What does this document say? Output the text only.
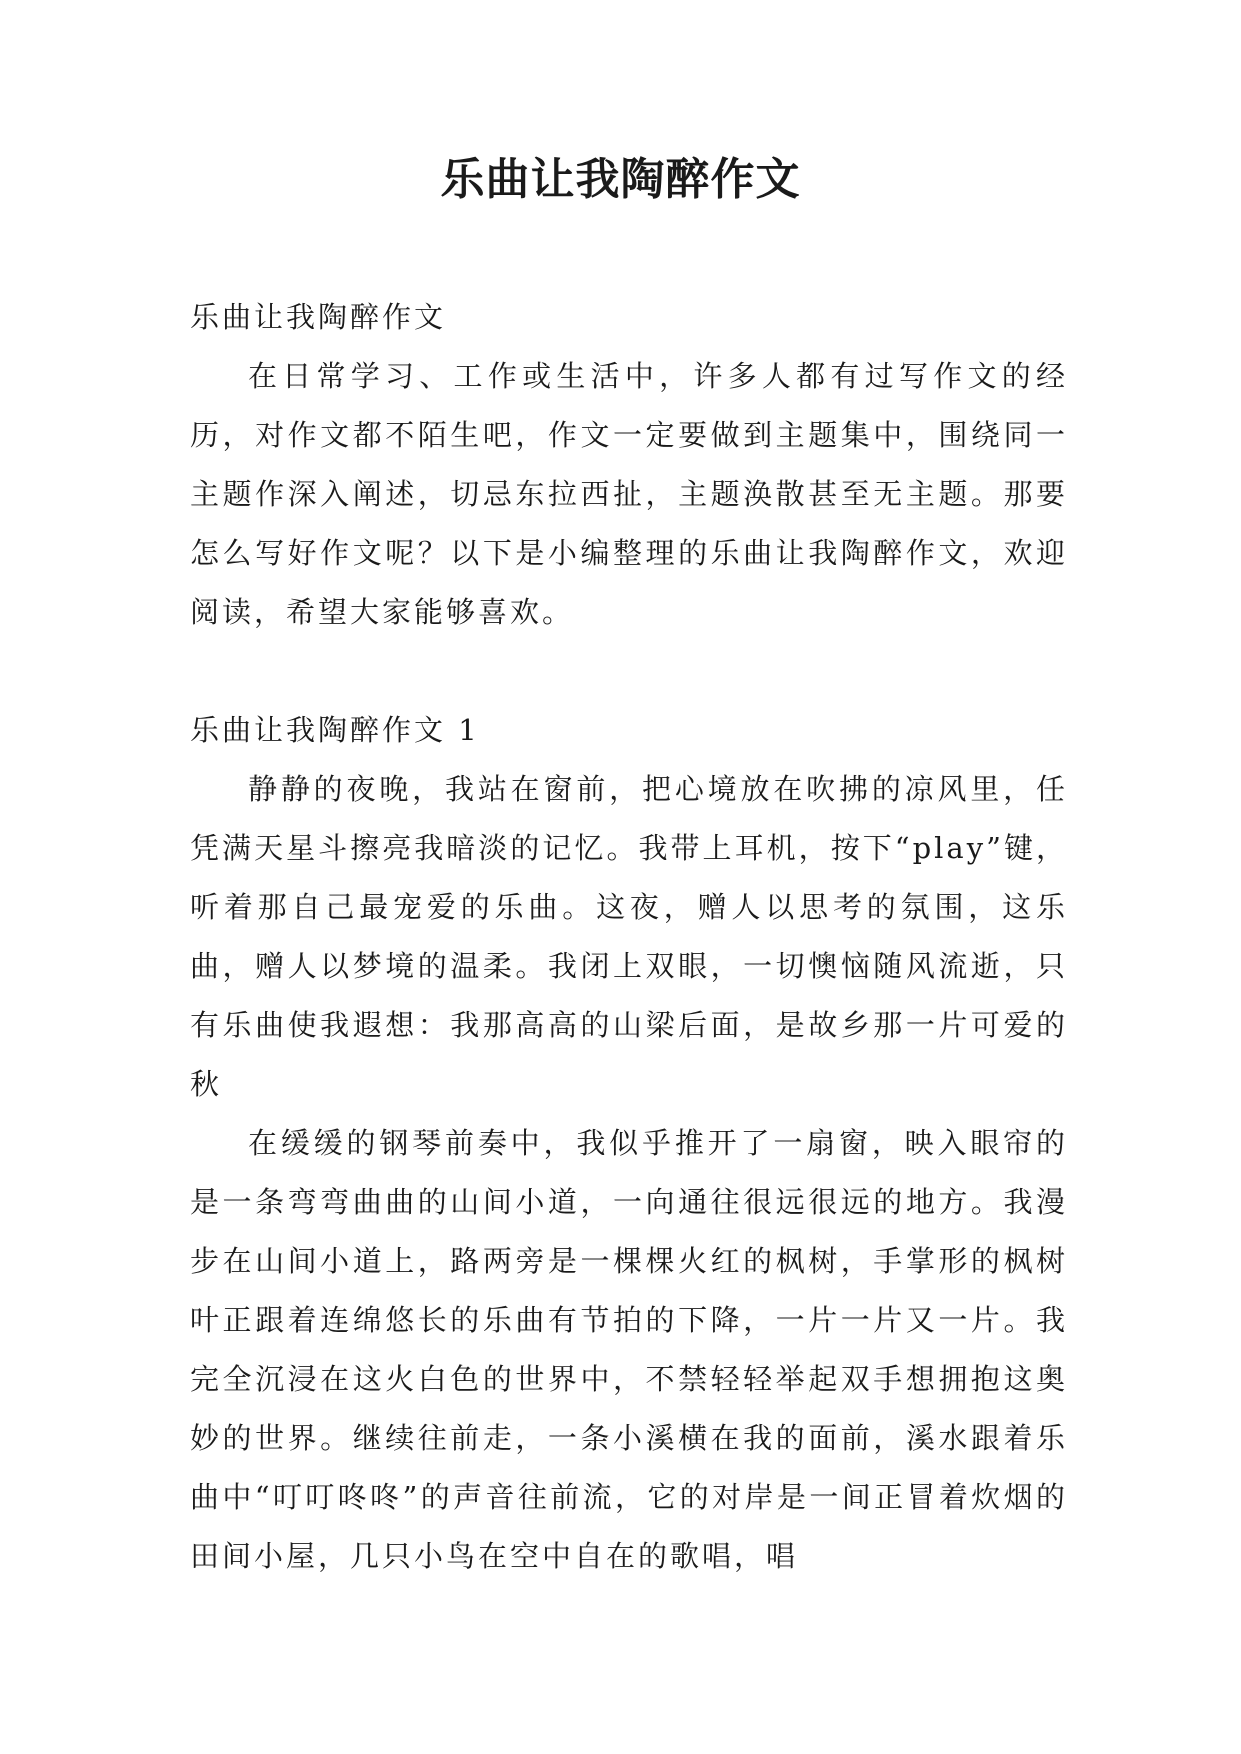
乐曲让我陶醉作文

乐曲让我陶醉作文

在日常学习、工作或生活中，许多人都有过写作文的经历，对作文都不陌生吧，作文一定要做到主题集中，围绕同一主题作深入阐述，切忌东拉西扯，主题涣散甚至无主题。那要怎么写好作文呢？以下是小编整理的乐曲让我陶醉作文，欢迎阅读，希望大家能够喜欢。

乐曲让我陶醉作文 1

静静的夜晚，我站在窗前，把心境放在吹拂的凉风里，任凭满天星斗擦亮我暗淡的记忆。我带上耳机，按下“play”键，听着那自己最宠爱的乐曲。这夜，赠人以思考的氛围，这乐曲，赠人以梦境的温柔。我闭上双眼，一切懊恼随风流逝，只有乐曲使我遐想：我那高高的山梁后面，是故乡那一片可爱的秋

在缓缓的钢琴前奏中，我似乎推开了一扇窗，映入眼帘的是一条弯弯曲曲的山间小道，一向通往很远很远的地方。我漫步在山间小道上，路两旁是一棵棵火红的枫树，手掌形的枫树叶正跟着连绵悠长的乐曲有节拍的下降，一片一片又一片。我完全沉浸在这火白色的世界中，不禁轻轻举起双手想拥抱这奥妙的世界。继续往前走，一条小溪横在我的面前，溪水跟着乐曲中“叮叮咚咚”的声音往前流，它的对岸是一间正冒着炊烟的田间小屋，几只小鸟在空中自在的歌唱，唱
